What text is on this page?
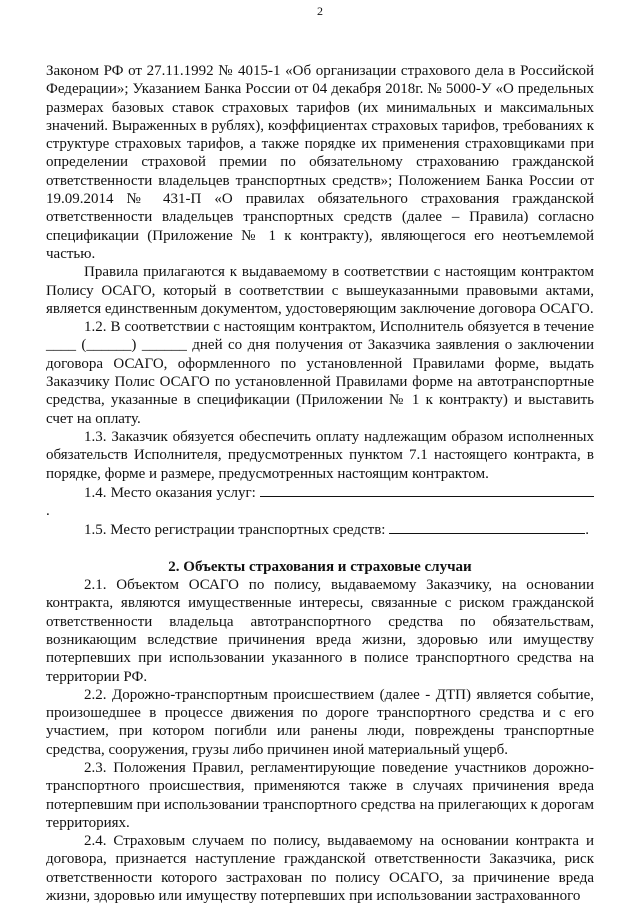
2

Законом РФ от 27.11.1992 № 4015-1 «Об организации страхового дела в Российской Федерации»; Указанием Банка России от 04 декабря 2018г. № 5000-У «О предельных размерах базовых ставок страховых тарифов (их минимальных и максимальных значений. Выраженных в рублях), коэффициентах страховых тарифов, требованиях к структуре страховых тарифов, а также порядке их применения страховщиками при определении страховой премии по обязательному страхованию гражданской ответственности владельцев транспортных средств»; Положением Банка России от 19.09.2014 № 431-П «О правилах обязательного страхования гражданской ответственности владельцев транспортных средств (далее – Правила) согласно спецификации (Приложение № 1 к контракту), являющегося его неотъемлемой частью.

Правила прилагаются к выдаваемому в соответствии с настоящим контрактом Полису ОСАГО, который в соответствии с вышеуказанными правовыми актами, является единственным документом, удостоверяющим заключение договора ОСАГО.

1.2. В соответствии с настоящим контрактом, Исполнитель обязуется в течение ____ (______) ______ дней со дня получения от Заказчика заявления о заключении договора ОСАГО, оформленного по установленной Правилами форме, выдать Заказчику Полис ОСАГО по установленной Правилами форме на автотранспортные средства, указанные в спецификации (Приложении № 1 к контракту) и выставить счет на оплату.

1.3. Заказчик обязуется обеспечить оплату надлежащим образом исполненных обязательств Исполнителя, предусмотренных пунктом 7.1 настоящего контракта, в порядке, форме и размере, предусмотренных настоящим контрактом.

1.4. Место оказания услуг: .

1.5. Место регистрации транспортных средств:	.

2. Объекты страхования и страховые случаи

2.1. Объектом ОСАГО по полису, выдаваемому Заказчику, на основании контракта, являются имущественные интересы, связанные с риском гражданской ответственности владельца автотранспортного средства по обязательствам, возникающим вследствие причинения вреда жизни, здоровью или имуществу потерпевших при использовании указанного в полисе транспортного средства на территории РФ.

2.2. Дорожно-транспортным происшествием (далее - ДТП) является событие, произошедшее в процессе движения по дороге транспортного средства и с его участием, при котором погибли или ранены люди, повреждены транспортные средства, сооружения, грузы либо причинен иной материальный ущерб.

2.3. Положения Правил, регламентирующие поведение участников дорожно-транспортного происшествия, применяются также в случаях причинения вреда потерпевшим при использовании транспортного средства на прилегающих к дорогам территориях.

2.4. Страховым случаем по полису, выдаваемому на основании контракта и договора, признается наступление гражданской ответственности Заказчика, риск ответственности которого застрахован по полису ОСАГО, за причинение вреда жизни, здоровью или имуществу потерпевших при использовании застрахованного
